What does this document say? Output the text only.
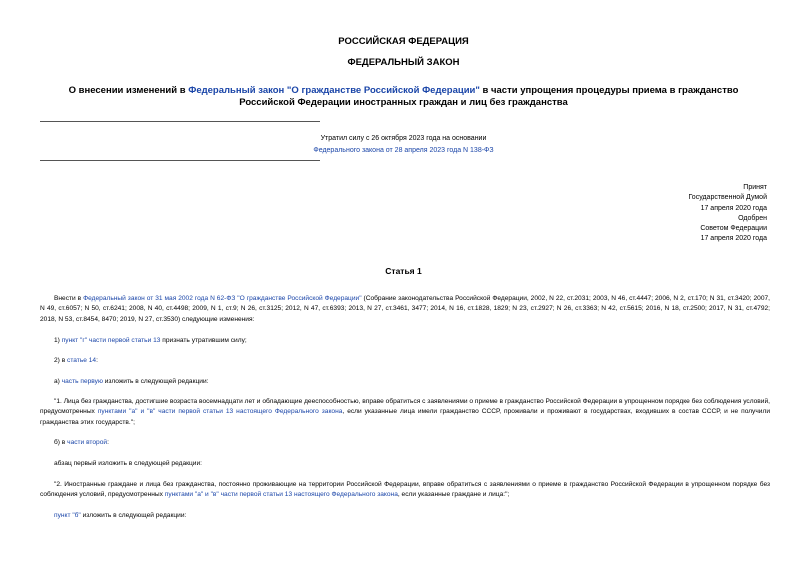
РОССИЙСКАЯ ФЕДЕРАЦИЯ
ФЕДЕРАЛЬНЫЙ ЗАКОН
О внесении изменений в Федеральный закон "О гражданстве Российской Федерации" в части упрощения процедуры приема в гражданство Российской Федерации иностранных граждан и лиц без гражданства
Утратил силу с 26 октября 2023 года на основании
Федерального закона от 28 апреля 2023 года N 138-ФЗ
Принят
Государственной Думой
17 апреля 2020 года
Одобрен
Советом Федерации
17 апреля 2020 года
Статья 1
Внести в Федеральный закон от 31 мая 2002 года N 62-ФЗ "О гражданстве Российской Федерации" (Собрание законодательства Российской Федерации, 2002, N 22, ст.2031; 2003, N 46, ст.4447; 2006, N 2, ст.170; N 31, ст.3420; 2007, N 49, ст.6057; N 50, ст.6241; 2008, N 40, ст.4498; 2009, N 1, ст.9; N 26, ст.3125; 2012, N 47, ст.6393; 2013, N 27, ст.3461, 3477; 2014, N 16, ст.1828, 1829; N 23, ст.2927; N 26, ст.3363; N 42, ст.5615; 2016, N 18, ст.2500; 2017, N 31, ст.4792; 2018, N 53, ст.8454, 8470; 2019, N 27, ст.3530) следующие изменения:
1) пункт "г" части первой статьи 13 признать утратившим силу;
2) в статье 14:
а) часть первую изложить в следующей редакции:
"1. Лица без гражданства, достигшие возраста восемнадцати лет и обладающие дееспособностью, вправе обратиться с заявлениями о приеме в гражданство Российской Федерации в упрощенном порядке без соблюдения условий, предусмотренных пунктами "а" и "в" части первой статьи 13 настоящего Федерального закона, если указанные лица имели гражданство СССР, проживали и проживают в государствах, входивших в состав СССР, и не получили гражданства этих государств.";
б) в части второй:
абзац первый изложить в следующей редакции:
"2. Иностранные граждане и лица без гражданства, постоянно проживающие на территории Российской Федерации, вправе обратиться с заявлениями о приеме в гражданство Российской Федерации в упрощенном порядке без соблюдения условий, предусмотренных пунктами "а" и "в" части первой статьи 13 настоящего Федерального закона, если указанные граждане и лица:";
пункт "б" изложить в следующей редакции:
